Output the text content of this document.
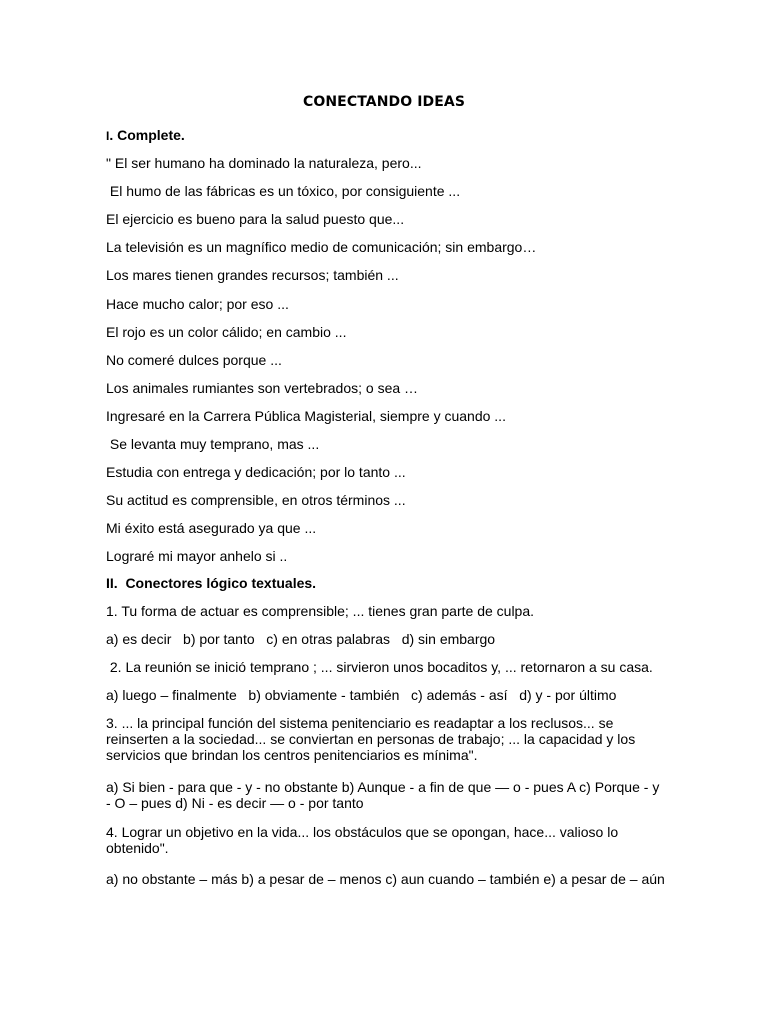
CONECTANDO IDEAS
I. Complete.
" El ser humano ha dominado la naturaleza, pero...
El humo de las fábricas es un tóxico, por consiguiente ...
El ejercicio es bueno para la salud puesto que...
La televisión es un magnífico medio de comunicación; sin embargo…
Los mares tienen grandes recursos; también ...
Hace mucho calor; por eso ...
El rojo es un color cálido; en cambio ...
No comeré dulces porque ...
Los animales rumiantes son vertebrados; o sea …
Ingresaré en la Carrera Pública Magisterial, siempre y cuando ...
Se levanta muy temprano, mas ...
Estudia con entrega y dedicación; por lo tanto ...
Su actitud es comprensible, en otros términos ...
Mi éxito está asegurado ya que ...
Lograré mi mayor anhelo si ..
II.  Conectores lógico textuales.
1. Tu forma de actuar es comprensible; ... tienes gran parte de culpa.
a) es decir   b) por tanto   c) en otras palabras   d) sin embargo
2. La reunión se inició temprano ; ... sirvieron unos bocaditos y, ... retornaron a su casa.
a) luego – finalmente   b) obviamente - también   c) además - así   d) y - por último
3. ... la principal función del sistema penitenciario es readaptar a los reclusos... se reinserten a la sociedad... se conviertan en personas de trabajo; ... la capacidad y los servicios que brindan los centros penitenciarios es mínima".
a) Si bien - para que - y - no obstante b) Aunque - a fin de que — o - pues A c) Porque - y - O – pues d) Ni - es decir — o - por tanto
4. Lograr un objetivo en la vida... los obstáculos que se opongan, hace... valioso lo obtenido".
a) no obstante – más b) a pesar de – menos c) aun cuando – también e) a pesar de – aún
